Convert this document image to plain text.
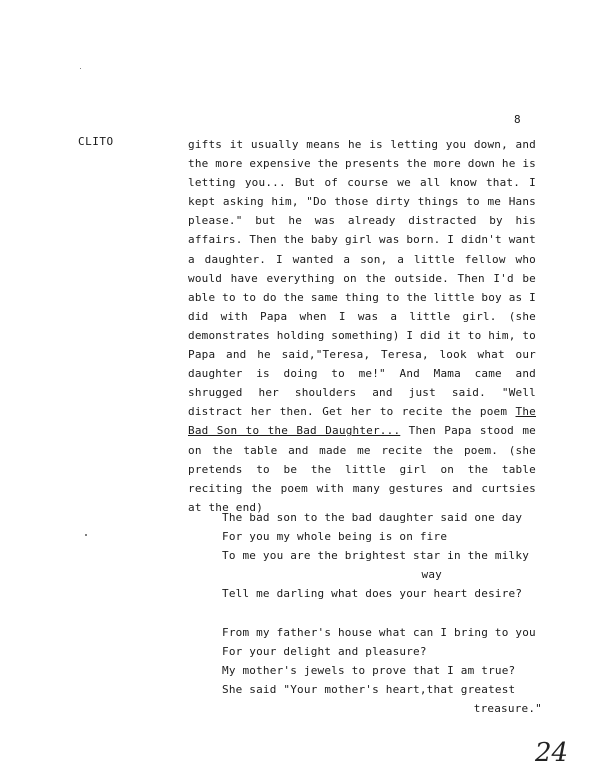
8
CLITO	gifts it usually means he is letting you down, and
the more expensive the presents the more down he is
letting you... But of course we all know that. I
kept asking him, "Do those dirty things to me Hans
please." but he was already distracted by his
affairs. Then the baby girl was born. I didn't want
a daughter. I wanted a son, a little fellow who
would have everything on the outside. Then I'd be
able to to do the same thing to the little boy as I
did with Papa when I was a little girl. (she
demonstrates holding something) I did it to him, to
Papa and he said,"Teresa, Teresa, look what our
daughter is doing to me!" And Mama came and
shrugged her shoulders and just said. "Well
distract her then. Get her to recite the poem The
Bad Son to the Bad Daughter... Then Papa stood me
on the table and made me recite the poem. (she
pretends to be the little girl on the table
reciting the poem with many gestures and curtsies
at the end)
The bad son to the bad daughter said one day
For you my whole being is on fire
To me you are the brightest star in the milky
way
Tell me darling what does your heart desire?
From my father's house what can I bring to you
For your delight and pleasure?
My mother's jewels to prove that I am true?
She said "Your mother's heart,that greatest
treasure."
24
